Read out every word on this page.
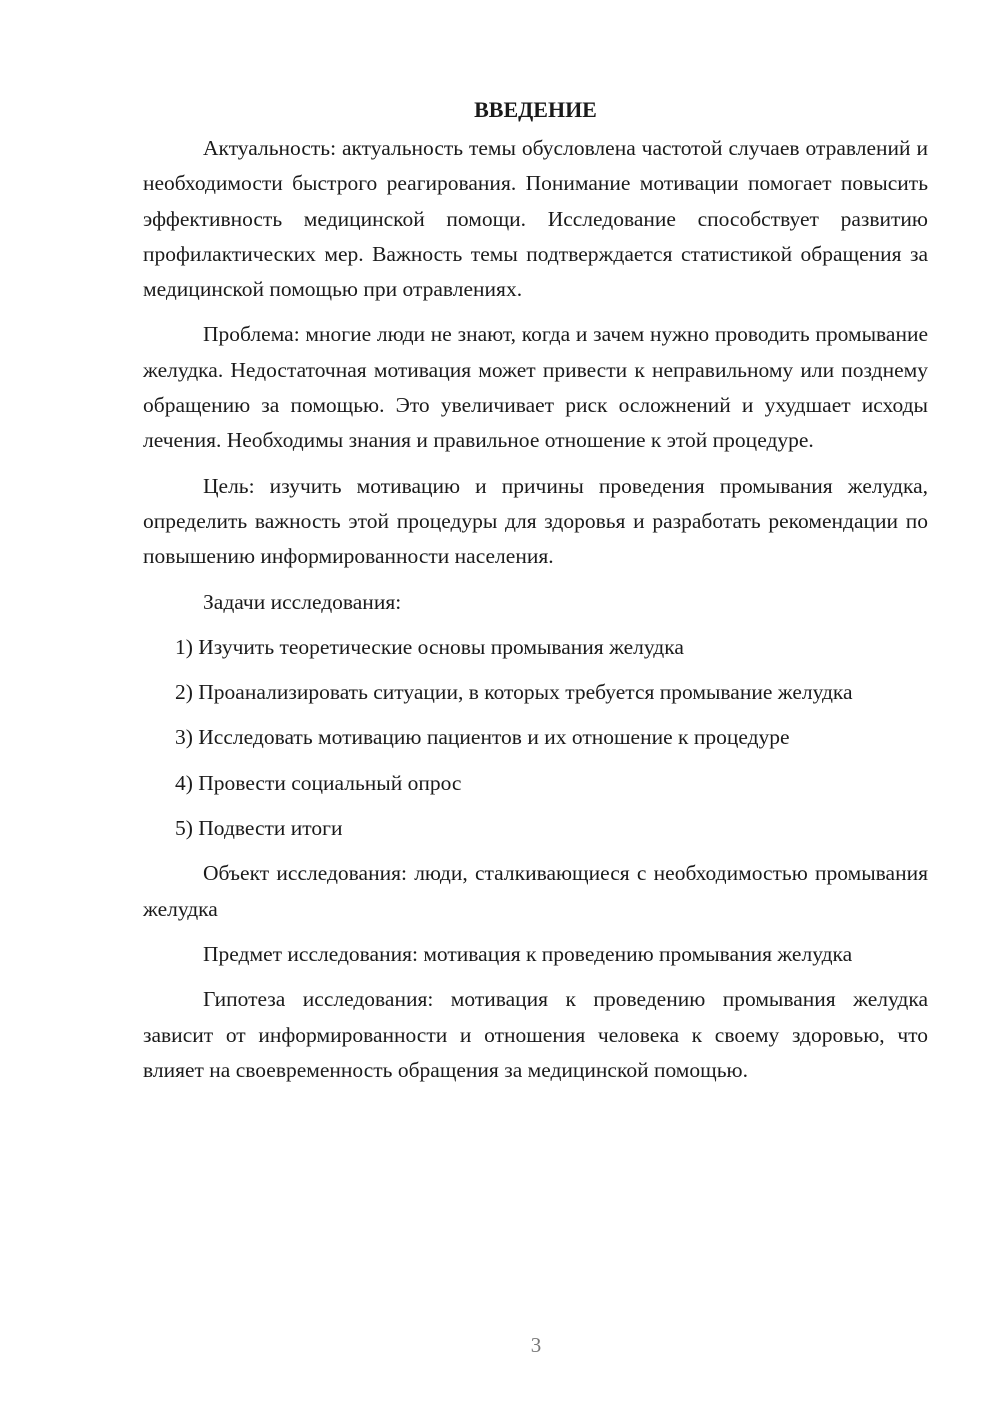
ВВЕДЕНИЕ

Актуальность: актуальность темы обусловлена частотой случаев отравлений и необходимости быстрого реагирования. Понимание мотивации помогает повысить эффективность медицинской помощи. Исследование способствует развитию профилактических мер. Важность темы подтверждается статистикой обращения за медицинской помощью при отравлениях.

Проблема: многие люди не знают, когда и зачем нужно проводить промывание желудка. Недостаточная мотивация может привести к неправильному или позднему обращению за помощью. Это увеличивает риск осложнений и ухудшает исходы лечения. Необходимы знания и правильное отношение к этой процедуре.

Цель: изучить мотивацию и причины проведения промывания желудка, определить важность этой процедуры для здоровья и разработать рекомендации по повышению информированности населения.

Задачи исследования:

1) Изучить теоретические основы промывания желудка

2) Проанализировать ситуации, в которых требуется промывание желудка

3) Исследовать мотивацию пациентов и их отношение к процедуре

4) Провести социальный опрос

5) Подвести итоги

Объект исследования: люди, сталкивающиеся с необходимостью промывания желудка

Предмет исследования: мотивация к проведению промывания желудка

Гипотеза исследования: мотивация к проведению промывания желудка зависит от информированности и отношения человека к своему здоровью, что влияет на своевременность обращения за медицинской помощью.

3
